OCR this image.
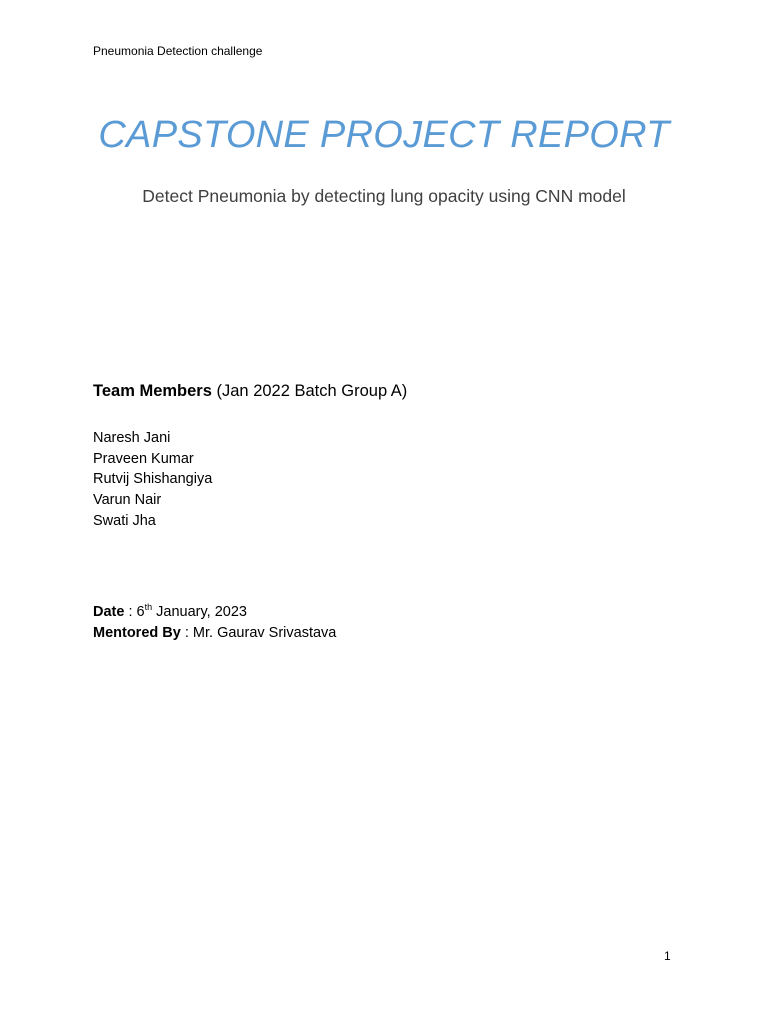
Pneumonia Detection challenge
CAPSTONE PROJECT REPORT
Detect Pneumonia by detecting lung opacity using CNN model
Team Members (Jan 2022 Batch Group A)
Naresh Jani
Praveen Kumar
Rutvij Shishangiya
Varun Nair
Swati Jha
Date : 6th January, 2023
Mentored By : Mr. Gaurav Srivastava
1
